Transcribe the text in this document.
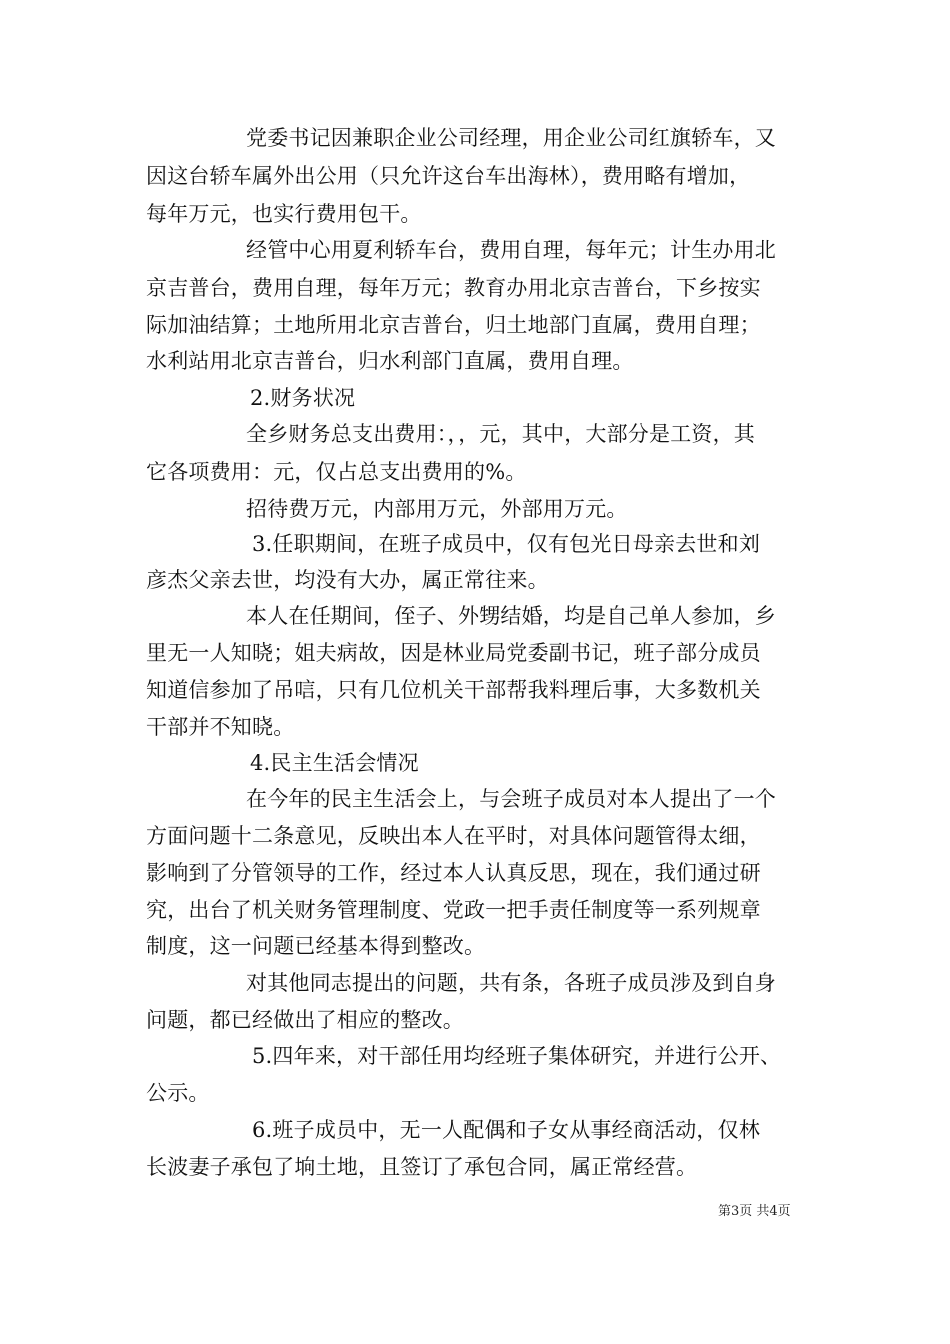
党委书记因兼职企业公司经理，用企业公司红旗轿车，又
因这台轿车属外出公用（只允许这台车出海林），费用略有增加，
每年万元，也实行费用包干。
经管中心用夏利轿车台，费用自理，每年元；计生办用北
京吉普台，费用自理，每年万元；教育办用北京吉普台，下乡按实
际加油结算；土地所用北京吉普台，归土地部门直属，费用自理；
水利站用北京吉普台，归水利部门直属，费用自理。
2.财务状况
全乡财务总支出费用：，，元，其中，大部分是工资，其
它各项费用：元，仅占总支出费用的%。
招待费万元，内部用万元，外部用万元。
3.任职期间，在班子成员中，仅有包光日母亲去世和刘
彦杰父亲去世，均没有大办，属正常往来。
本人在任期间，侄子、外甥结婚，均是自己单人参加，乡
里无一人知晓；姐夫病故，因是林业局党委副书记，班子部分成员
知道信参加了吊唁，只有几位机关干部帮我料理后事，大多数机关
干部并不知晓。
4.民主生活会情况
在今年的民主生活会上，与会班子成员对本人提出了一个
方面问题十二条意见，反映出本人在平时，对具体问题管得太细，
影响到了分管领导的工作，经过本人认真反思，现在，我们通过研
究，出台了机关财务管理制度、党政一把手责任制度等一系列规章
制度，这一问题已经基本得到整改。
对其他同志提出的问题，共有条，各班子成员涉及到自身
问题，都已经做出了相应的整改。
5.四年来，对干部任用均经班子集体研究，并进行公开、
公示。
6.班子成员中，无一人配偶和子女从事经商活动，仅林
长波妻子承包了垧土地，且签订了承包合同，属正常经营。
第3页 共4页
